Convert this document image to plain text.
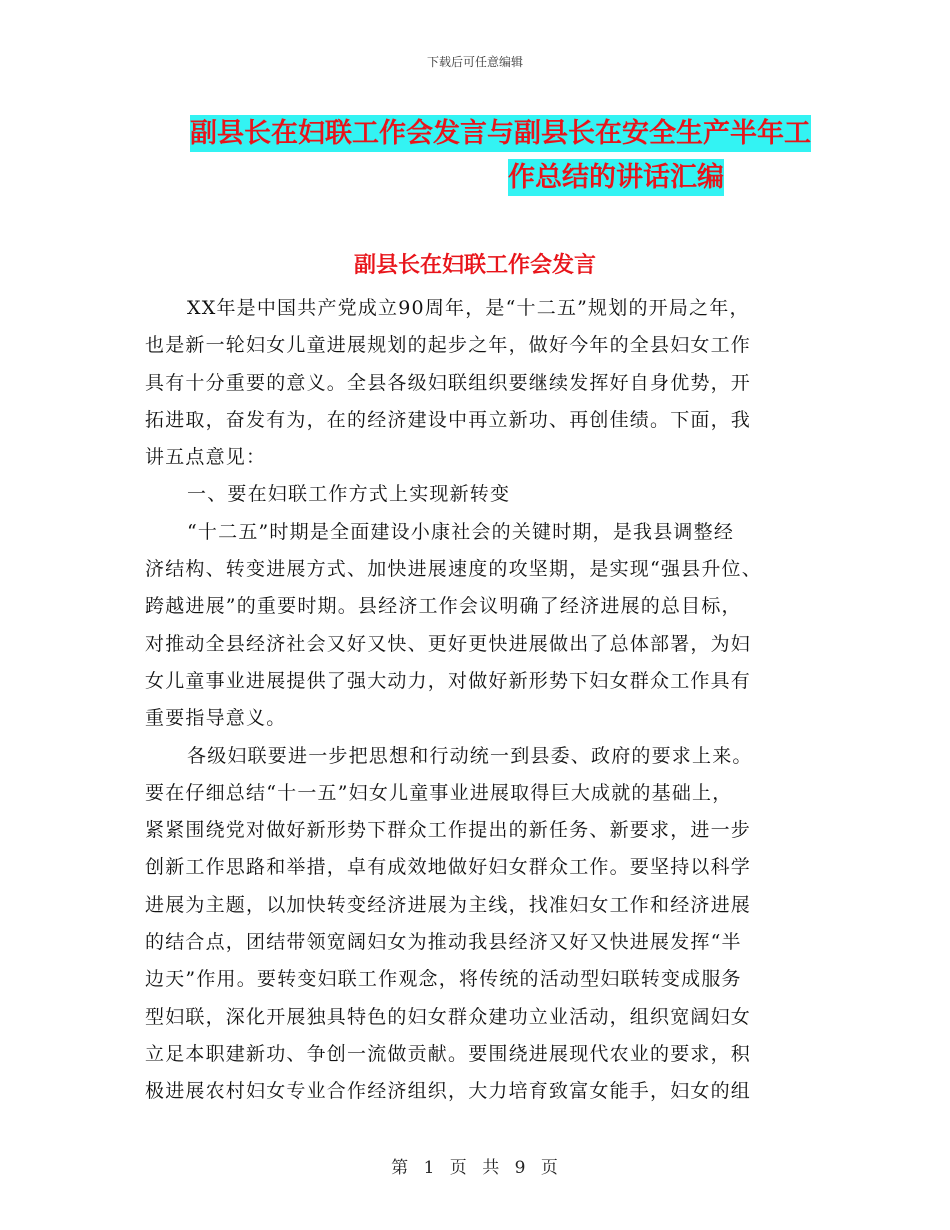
下载后可任意编辑
副县长在妇联工作会发言与副县长在安全生产半年工
作总结的讲话汇编
副县长在妇联工作会发言
XX年是中国共产党成立90周年，是“十二五”规划的开局之年，
也是新一轮妇女儿童进展规划的起步之年，做好今年的全县妇女工作
具有十分重要的意义。全县各级妇联组织要继续发挥好自身优势，开
拓进取，奋发有为，在的经济建设中再立新功、再创佳绩。下面，我
讲五点意见：
一、要在妇联工作方式上实现新转变
“十二五”时期是全面建设小康社会的关键时期，是我县调整经
济结构、转变进展方式、加快进展速度的攻坚期，是实现“强县升位、
跨越进展”的重要时期。县经济工作会议明确了经济进展的总目标，
对推动全县经济社会又好又快、更好更快进展做出了总体部署，为妇
女儿童事业进展提供了强大动力，对做好新形势下妇女群众工作具有
重要指导意义。
各级妇联要进一步把思想和行动统一到县委、政府的要求上来。
要在仔细总结“十一五”妇女儿童事业进展取得巨大成就的基础上，
紧紧围绕党对做好新形势下群众工作提出的新任务、新要求，进一步
创新工作思路和举措，卓有成效地做好妇女群众工作。要坚持以科学
进展为主题，以加快转变经济进展为主线，找准妇女工作和经济进展
的结合点，团结带领宽阔妇女为推动我县经济又好又快进展发挥“半
边天”作用。要转变妇联工作观念，将传统的活动型妇联转变成服务
型妇联，深化开展独具特色的妇女群众建功立业活动，组织宽阔妇女
立足本职建新功、争创一流做贡献。要围绕进展现代农业的要求，积
极进展农村妇女专业合作经济组织，大力培育致富女能手，妇女的组
第 1 页 共 9 页
